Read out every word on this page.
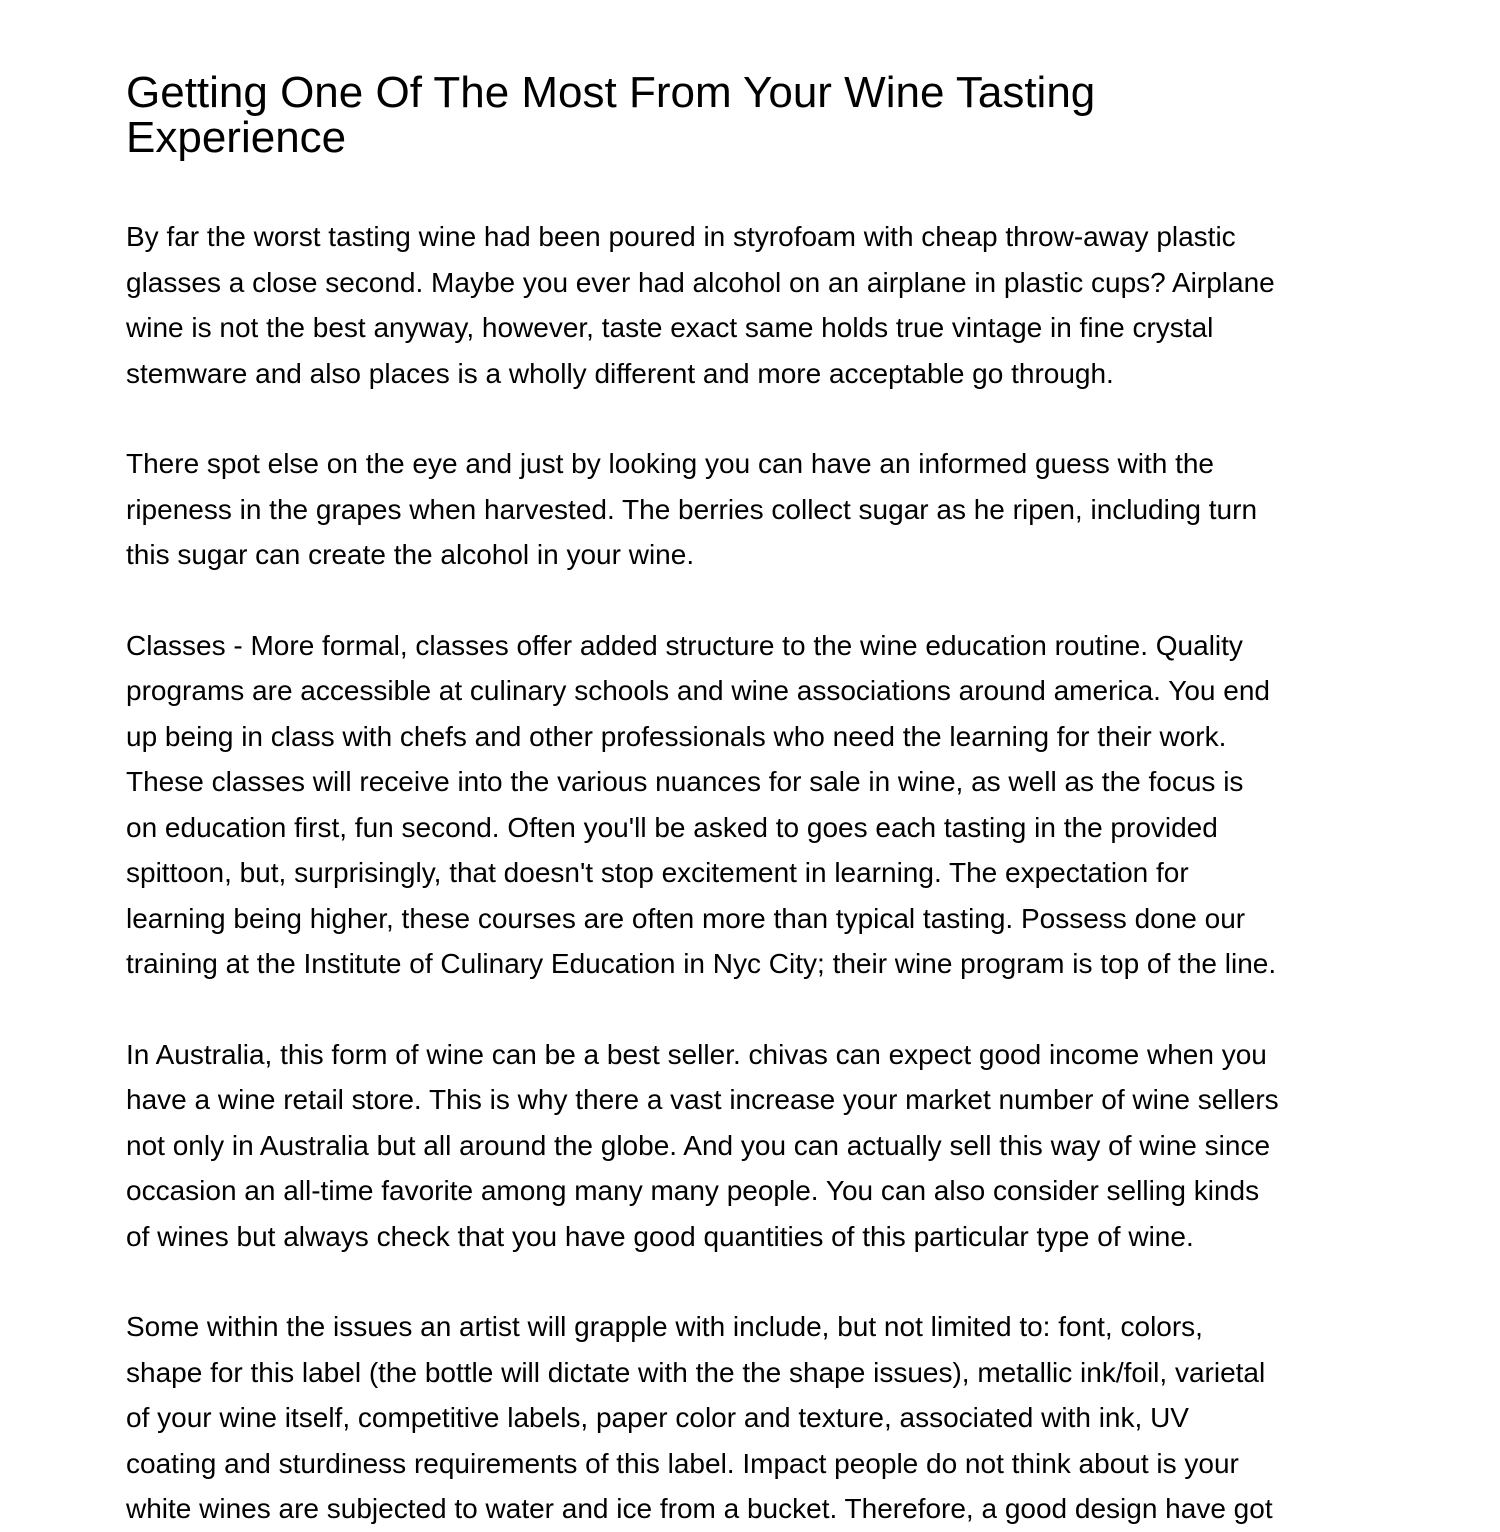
Getting One Of The Most From Your Wine Tasting
Experience

By far the worst tasting wine had been poured in styrofoam with cheap throw-away plastic
glasses a close second. Maybe you ever had alcohol on an airplane in plastic cups? Airplane
wine is not the best anyway, however, taste exact same holds true vintage in fine crystal
stemware and also places is a wholly different and more acceptable go through.

There spot else on the eye and just by looking you can have an informed guess with the
ripeness in the grapes when harvested. The berries collect sugar as he ripen, including turn
this sugar can create the alcohol in your wine.

Classes - More formal, classes offer added structure to the wine education routine. Quality
programs are accessible at culinary schools and wine associations around america. You end
up being in class with chefs and other professionals who need the learning for their work.
These classes will receive into the various nuances for sale in wine, as well as the focus is
on education first, fun second. Often you'll be asked to goes each tasting in the provided
spittoon, but, surprisingly, that doesn't stop excitement in learning. The expectation for
learning being higher, these courses are often more than typical tasting. Possess done our
training at the Institute of Culinary Education in Nyc City; their wine program is top of the line.

In Australia, this form of wine can be a best seller. chivas can expect good income when you
have a wine retail store. This is why there a vast increase your market number of wine sellers
not only in Australia but all around the globe. And you can actually sell this way of wine since
occasion an all-time favorite among many many people. You can also consider selling kinds
of wines but always check that you have good quantities of this particular type of wine.

Some within the issues an artist will grapple with include, but not limited to: font, colors,
shape for this label (the bottle will dictate with the the shape issues), metallic ink/foil, varietal
of your wine itself, competitive labels, paper color and texture, associated with ink, UV
coating and sturdiness requirements of this label. Impact people do not think about is your
white wines are subjected to water and ice from a bucket. Therefore, a good design have got
